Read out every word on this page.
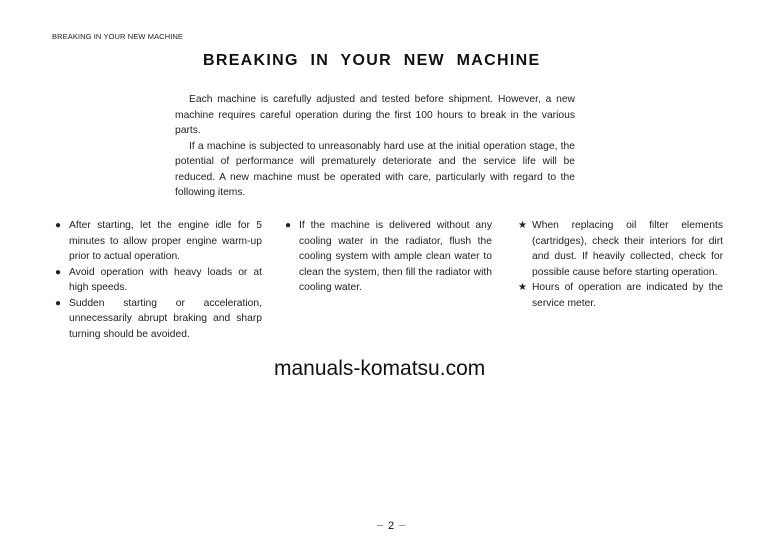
BREAKING IN YOUR NEW MACHINE
BREAKING IN YOUR NEW MACHINE

Each machine is carefully adjusted and tested before shipment. However, a new machine requires careful operation during the first 100 hours to break in the various parts.

If a machine is subjected to unreasonably hard use at the initial operation stage, the potential of performance will prematurely deteriorate and the service life will be reduced. A new machine must be operated with care, particularly with regard to the following items.

● After starting, let the engine idle for 5 minutes to allow proper engine warm-up prior to actual operation.
● Avoid operation with heavy loads or at high speeds.
● Sudden starting or acceleration, unnecessarily abrupt braking and sharp turning should be avoided.
● If the machine is delivered without any cooling water in the radiator, flush the cooling system with ample clean water to clean the system, then fill the radiator with cooling water.
★ When replacing oil filter elements (cartridges), check their interiors for dirt and dust. If heavily collected, check for possible cause before starting operation.
★ Hours of operation are indicated by the service meter.
manuals-komatsu.com
— 2 —
